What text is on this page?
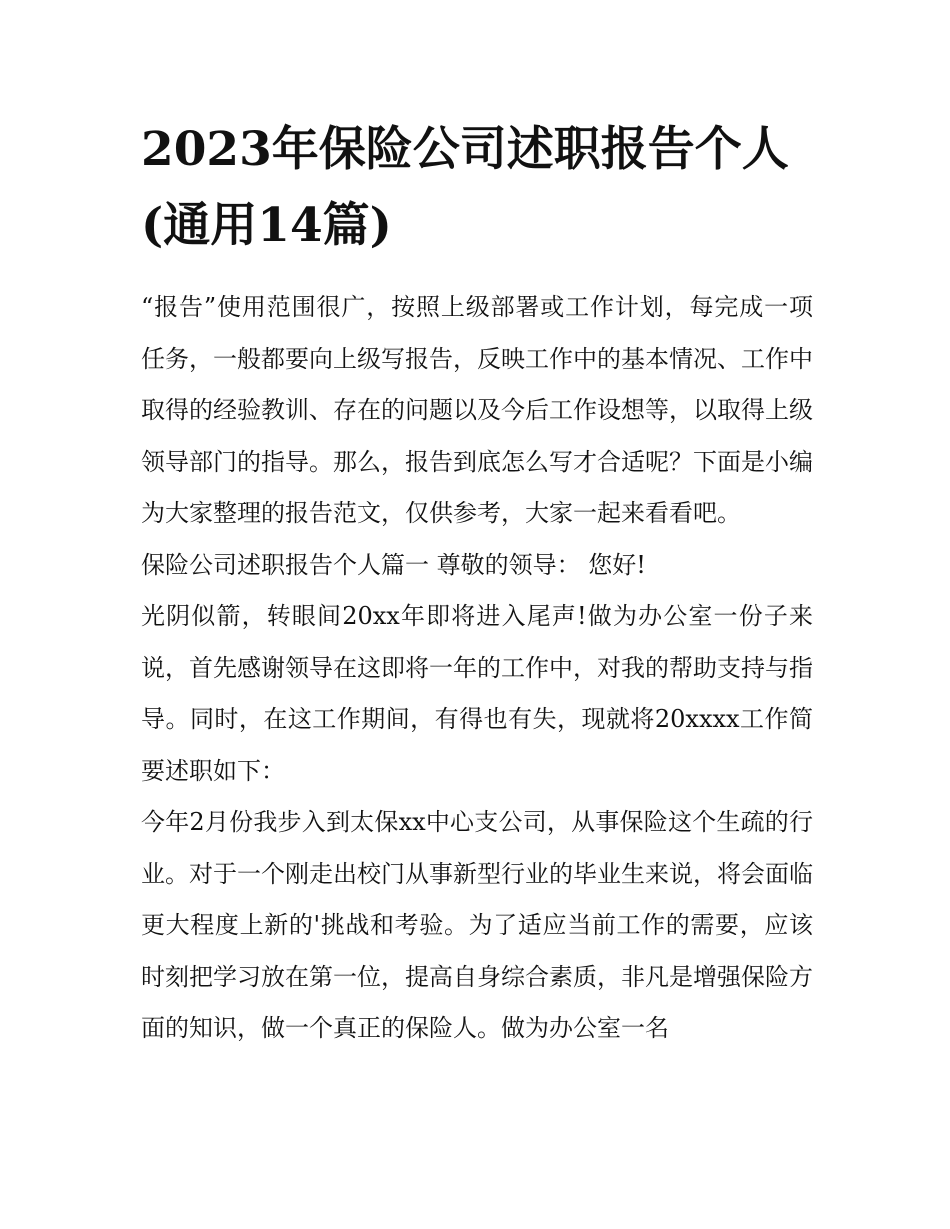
2023年保险公司述职报告个人(通用14篇)

“报告”使用范围很广，按照上级部署或工作计划，每完成一项任务，一般都要向上级写报告，反映工作中的基本情况、工作中取得的经验教训、存在的问题以及今后工作设想等，以取得上级领导部门的指导。那么，报告到底怎么写才合适呢？下面是小编为大家整理的报告范文，仅供参考，大家一起来看看吧。

保险公司述职报告个人篇一 尊敬的领导： 您好!

光阴似箭，转眼间20xx年即将进入尾声!做为办公室一份子来说，首先感谢领导在这即将一年的工作中，对我的帮助支持与指导。同时，在这工作期间，有得也有失，现就将20xxxx工作简要述职如下：

今年2月份我步入到太保xx中心支公司，从事保险这个生疏的行业。对于一个刚走出校门从事新型行业的毕业生来说，将会面临更大程度上新的'挑战和考验。为了适应当前工作的需要，应该时刻把学习放在第一位，提高自身综合素质，非凡是增强保险方面的知识，做一个真正的保险人。做为办公室一名
